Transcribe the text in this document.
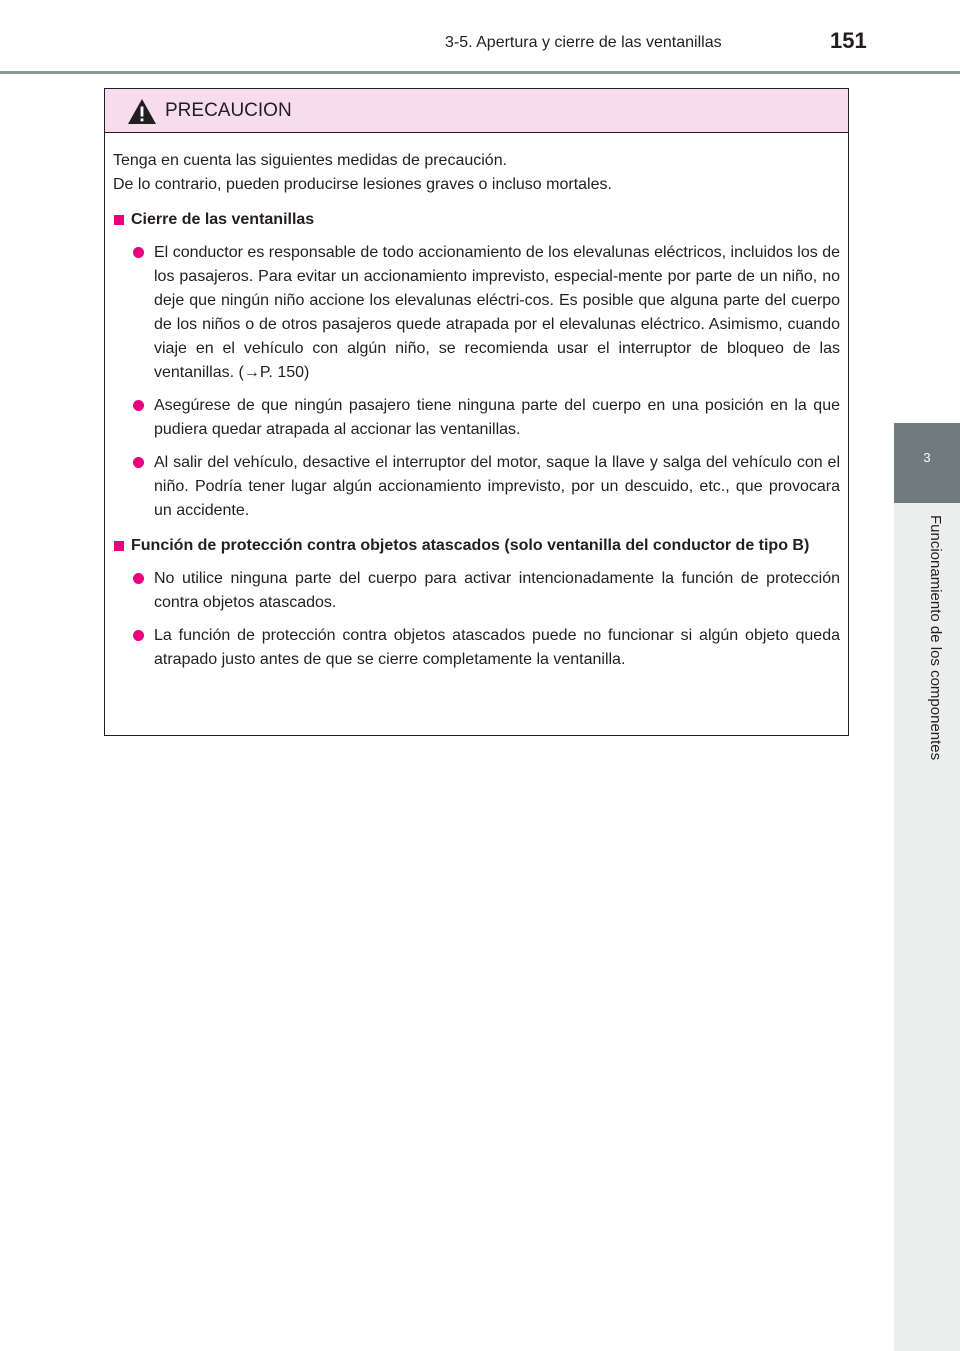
3-5. Apertura y cierre de las ventanillas	151
3
Funcionamiento de los componentes
PRECAUCION

Tenga en cuenta las siguientes medidas de precaución.

De lo contrario, pueden producirse lesiones graves o incluso mortales.

Cierre de las ventanillas
El conductor es responsable de todo accionamiento de los elevalunas eléctricos, incluidos los de los pasajeros. Para evitar un accionamiento imprevisto, especial-mente por parte de un niño, no deje que ningún niño accione los elevalunas eléctri-cos. Es posible que alguna parte del cuerpo de los niños o de otros pasajeros quede atrapada por el elevalunas eléctrico. Asimismo, cuando viaje en el vehículo con algún niño, se recomienda usar el interruptor de bloqueo de las ventanillas. (→P. 150)
Asegúrese de que ningún pasajero tiene ninguna parte del cuerpo en una posición en la que pudiera quedar atrapada al accionar las ventanillas.
Al salir del vehículo, desactive el interruptor del motor, saque la llave y salga del vehículo con el niño. Podría tener lugar algún accionamiento imprevisto, por un descuido, etc., que provocara un accidente.
Función de protección contra objetos atascados (solo ventanilla del conductor de tipo B)
No utilice ninguna parte del cuerpo para activar intencionadamente la función de protección contra objetos atascados.
La función de protección contra objetos atascados puede no funcionar si algún objeto queda atrapado justo antes de que se cierre completamente la ventanilla.
